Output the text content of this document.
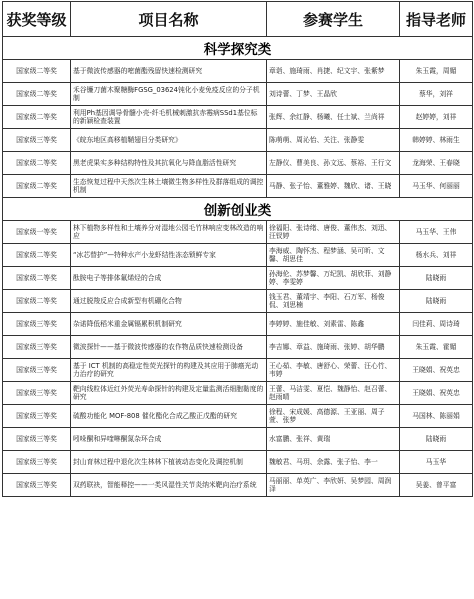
获奖等级	项目名称	参赛学生	指导老师
科学探究类			
国家级二等奖	基于微波传感器的嘧菌酯残留快速检测研究	章诣、施琦雨、肖捷、纪文宇、张紫梦	朱玉霞，周媚
国家级二等奖	禾谷镰刀菌木聚糖酶FGSG_03624钝化小麦免疫反应的分子机制	刘诗蕾、丁梦、王晶欣	蔡华，刘祥
国家级二等奖	利用Ph基因调导骨髓小壳-纤毛机械刺激抗赤霉病SSd1基位标的新颖检查装置	张辉、余红静、杨曦、任士斌、兰尚祥	赵婷婷，刘祥
国家级三等奖	《皖东地区高移植鞘翅目分类研究》	陈萌萌、周沁怡、关注、张静雯	韩婷婷、林雨生
国家级二等奖	黑老虎果实多种结构特性及其抗氧化与降血脂活性研究	左静仪、曹美良、孙文远、蔡裕、王行文	龙海荣、王春晓
国家级二等奖	生态恢复过程中天然次生林土壤微生物多样性及群落组成的调控机制	马静、张子怡、董雅婷、魏欣、诸、王晓	马玉华、何丽丽
创新创业类			
国家级一等奖	林下植物多样性和土壤养分对湿地公园毛竹林响应变林改造的响应	徐福阳、张诗绪、唐俊、董伟杰、刘迅、汪钗婷	马玉华、王伟
国家级二等奖	“冰芯替护”—特种水产小龙虾结性冻态锁鲜专家	李海威、陶怀杰、程梦涵、吴可昕、文馨、胡思佳	杨水兵、刘祥
国家级二等奖	酞胺电子等排体氟烯烃的合成	孙海伦、苏梦馨、万纪凯、胡欣菲、刘静婷、李雯婷	陆晓雨
国家级二等奖	通过脱羧反应合成新型有机硼化合物	钱玉君、董靖宇、李阳、石万军、杨俊侃、刘思楠	陆晓雨
国家级三等奖	杂诺降低稻米重金属镉累积机制研究	李婷婷、施佳敏、刘素雷、陈鑫	闫佳莉、周诗琦
国家级三等奖	微波探针——基于微波传感器的农作物品质快速检测设备	李吉娜、章益、施琦雨、张婷、胡华鹏	朱玉霞、霍媚
国家级三等奖	基于 ICT 机制的高稳定性荧光探针的构建及其应用于肺癌光动力治疗的研究	王心茹、李敏、唐舒心、荣蕾、汪心竹、韦婷	王晓娟、祝英忠
国家级三等奖	靶向线粒体近红外荧光寿命探针的构建及定量监测活细胞黏度的研究	王蕾、马洁雯、夏恺、魏静怡、赵召蕾、赵雨晴	王晓娟、祝英忠
国家级三等奖	硫酸功能化 MOF-808 催化酯化合成乙酸正戊酯的研究	徐程、宋成媛、高德源、王亚丽、周子萱、张梦	马国林、陈丽娟
国家级三等奖	吲哚酮和异喹啉酮氮杂环合成	水富鹏、张祥、黄瑞	陆晓雨
国家级三等奖	封山育林过程中退化次生林林下植被动态变化及调控机制	魏敏君、马玥、余露、张子怡、李一	马玉华
国家级三等奖	双药联袂，智能释控——一类风湿性关节炎纳米靶向治疗系统	马丽丽、单英广、李欣妍、吴梦园、周润泽	吴姜、曾平富
